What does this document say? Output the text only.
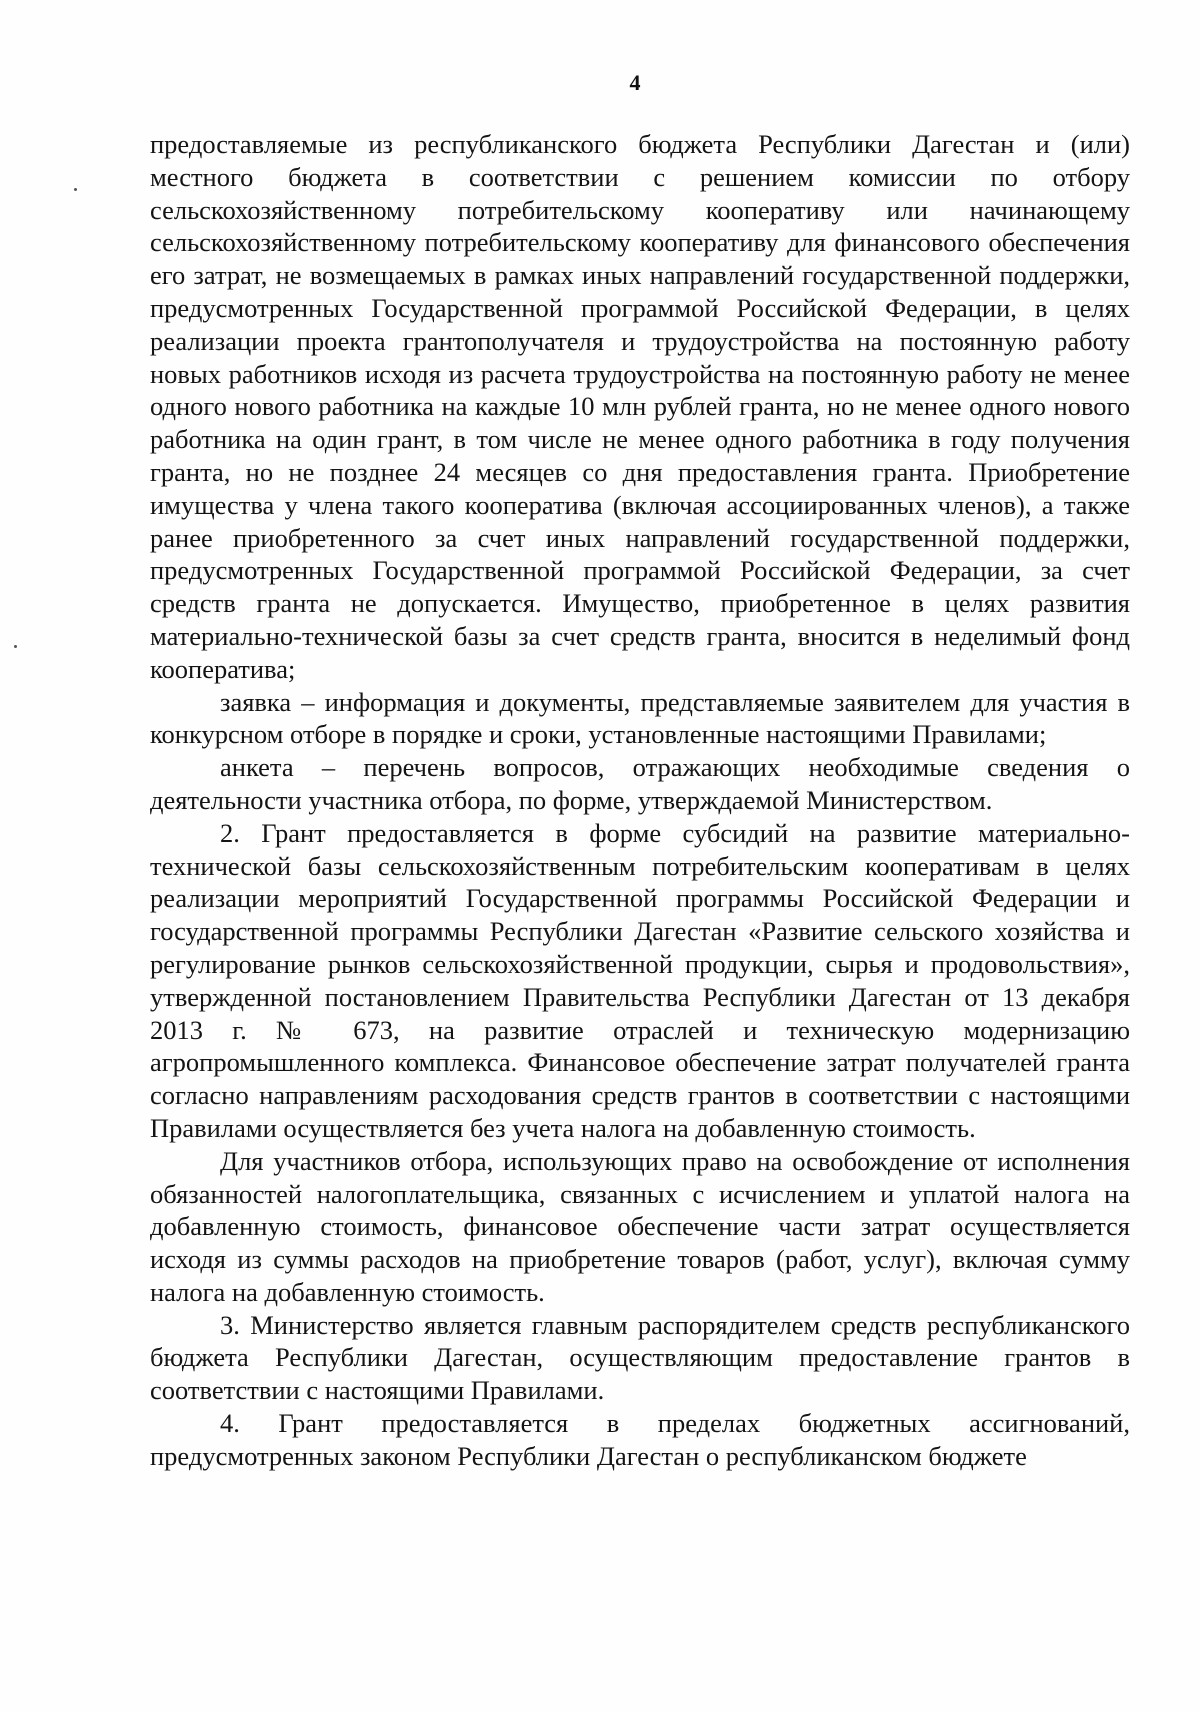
4

предоставляемые из республиканского бюджета Республики Дагестан и (или) местного бюджета в соответствии с решением комиссии по отбору сельскохозяйственному потребительскому кооперативу или начинающему сельскохозяйственному потребительскому кооперативу для финансового обеспечения его затрат, не возмещаемых в рамках иных направлений государственной поддержки, предусмотренных Государственной программой Российской Федерации, в целях реализации проекта грантополучателя и трудоустройства на постоянную работу новых работников исходя из расчета трудоустройства на постоянную работу не менее одного нового работника на каждые 10 млн рублей гранта, но не менее одного нового работника на один грант, в том числе не менее одного работника в году получения гранта, но не позднее 24 месяцев со дня предоставления гранта. Приобретение имущества у члена такого кооператива (включая ассоциированных членов), а также ранее приобретенного за счет иных направлений государственной поддержки, предусмотренных Государственной программой Российской Федерации, за счет средств гранта не допускается. Имущество, приобретенное в целях развития материально-технической базы за счет средств гранта, вносится в неделимый фонд кооператива;

заявка – информация и документы, представляемые заявителем для участия в конкурсном отборе в порядке и сроки, установленные настоящими Правилами;

анкета – перечень вопросов, отражающих необходимые сведения о деятельности участника отбора, по форме, утверждаемой Министерством.

2. Грант предоставляется в форме субсидий на развитие материально-технической базы сельскохозяйственным потребительским кооперативам в целях реализации мероприятий Государственной программы Российской Федерации и государственной программы Республики Дагестан «Развитие сельского хозяйства и регулирование рынков сельскохозяйственной продукции, сырья и продовольствия», утвержденной постановлением Правительства Республики Дагестан от 13 декабря 2013 г. № 673, на развитие отраслей и техническую модернизацию агропромышленного комплекса. Финансовое обеспечение затрат получателей гранта согласно направлениям расходования средств грантов в соответствии с настоящими Правилами осуществляется без учета налога на добавленную стоимость.

Для участников отбора, использующих право на освобождение от исполнения обязанностей налогоплательщика, связанных с исчислением и уплатой налога на добавленную стоимость, финансовое обеспечение части затрат осуществляется исходя из суммы расходов на приобретение товаров (работ, услуг), включая сумму налога на добавленную стоимость.

3. Министерство является главным распорядителем средств республиканского бюджета Республики Дагестан, осуществляющим предоставление грантов в соответствии с настоящими Правилами.

4. Грант предоставляется в пределах бюджетных ассигнований, предусмотренных законом Республики Дагестан о республиканском бюджете
